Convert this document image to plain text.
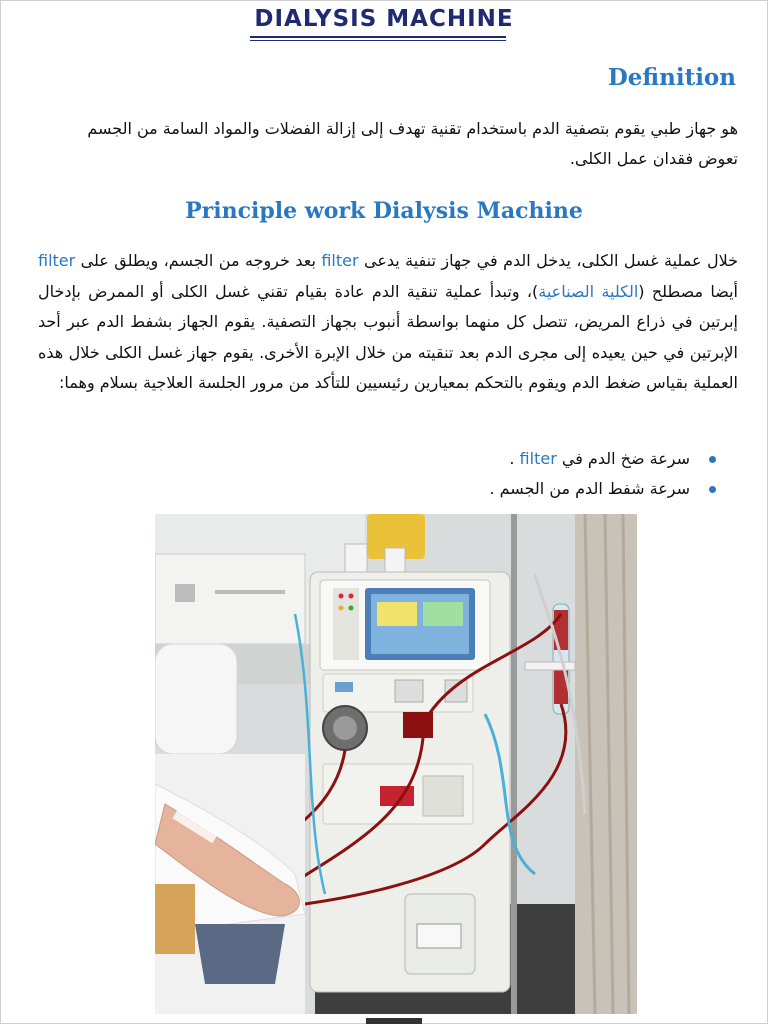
DIALYSIS MACHINE
Definition
هو جهاز طبي يقوم بتصفية الدم باستخدام تقنية تهدف إلى إزالة الفضلات والمواد السامة من الجسم
تعوض فقدان عمل الكلى.
Principle work Dialysis Machine
خلال عملية غسل الكلى، يدخل الدم في جهاز تنفية يدعى filter بعد خروجه من الجسم، ويطلق على filter أيضا مصطلح (الكلية الصناعية)، وتبدأ عملية تنقية الدم عادة بقيام تقني غسل الكلى أو الممرض بإدخال إبرتين في ذراع المريض، تتصل كل منهما بواسطة أنبوب بجهاز التصفية. يقوم الجهاز بشفط الدم عبر أحد الإبرتين في حين يعيده إلى مجرى الدم بعد تنقيته من خلال الإبرة الأخرى. يقوم جهاز غسل الكلى خلال هذه العملية بقياس ضغط الدم ويقوم بالتحكم بمعيارين رئيسيين للتأكد من مرور الجلسة العلاجية بسلام وهما:
سرعة ضخ الدم في filter .
سرعة شفط الدم من الجسم .
